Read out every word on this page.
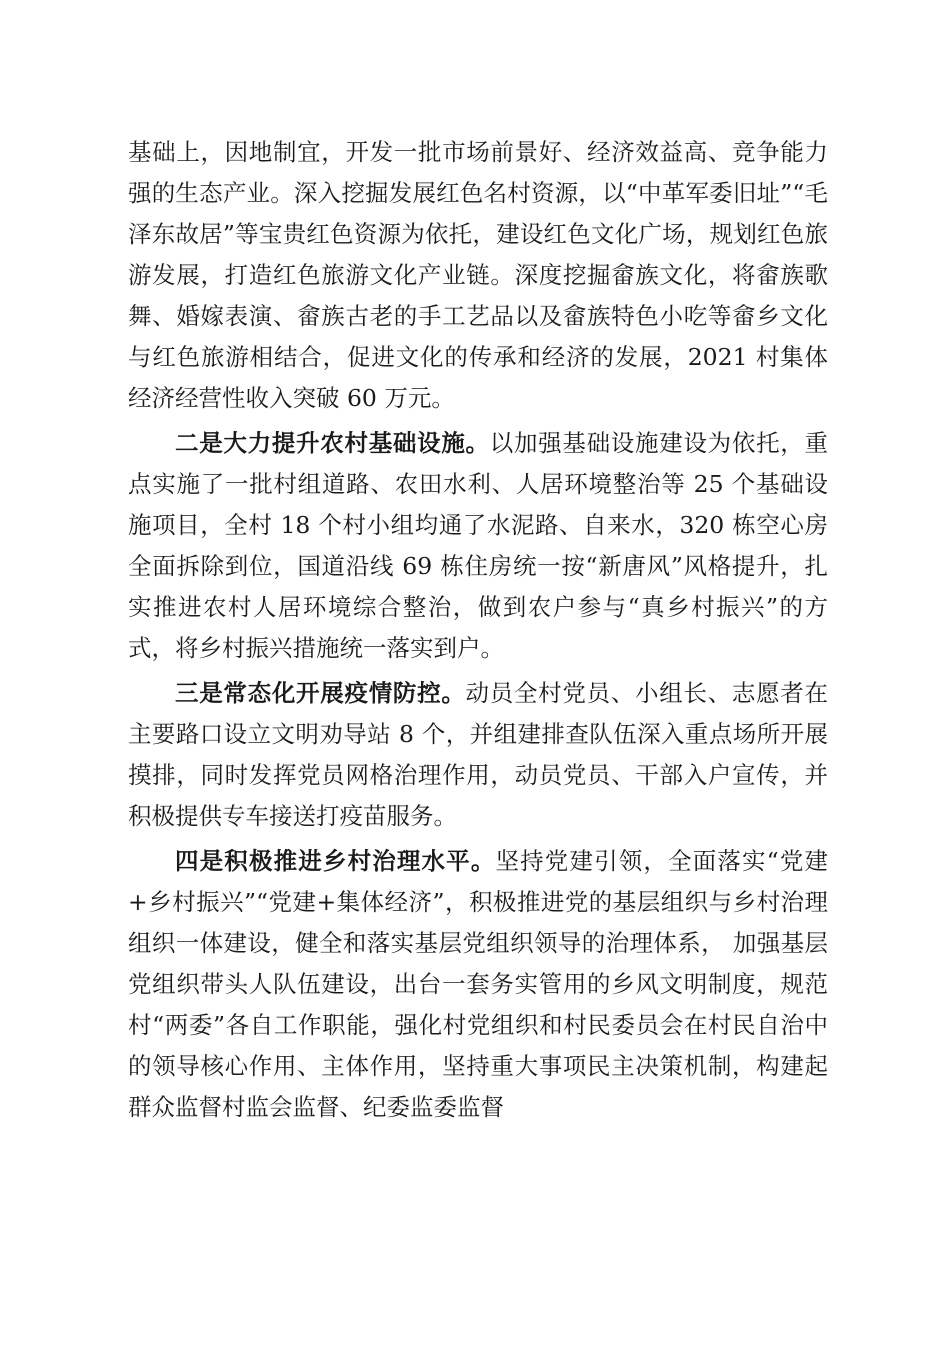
基础上，因地制宜，开发一批市场前景好、经济效益高、竞争能力强的生态产业。深入挖掘发展红色名村资源，以“中革军委旧址”“毛泽东故居”等宝贵红色资源为依托，建设红色文化广场，规划红色旅游发展，打造红色旅游文化产业链。深度挖掘畲族文化，将畲族歌舞、婚嫁表演、畲族古老的手工艺品以及畲族特色小吃等畲乡文化与红色旅游相结合，促进文化的传承和经济的发展，2021 村集体经济经营性收入突破 60 万元。

二是大力提升农村基础设施。以加强基础设施建设为依托，重点实施了一批村组道路、农田水利、人居环境整治等 25 个基础设施项目，全村 18 个村小组均通了水泥路、自来水，320 栋空心房全面拆除到位，国道沿线 69 栋住房统一按“新唐风”风格提升，扎实推进农村人居环境综合整治，做到农户参与“真乡村振兴”的方式，将乡村振兴措施统一落实到户。

三是常态化开展疫情防控。动员全村党员、小组长、志愿者在主要路口设立文明劝导站 8 个，并组建排查队伍深入重点场所开展摸排，同时发挥党员网格治理作用，动员党员、干部入户宣传，并积极提供专车接送打疫苗服务。

四是积极推进乡村治理水平。坚持党建引领，全面落实“党建+乡村振兴”“党建+集体经济”，积极推进党的基层组织与乡村治理组织一体建设，健全和落实基层党组织领导的治理体系， 加强基层党组织带头人队伍建设，出台一套务实管用的乡风文明制度，规范村“两委”各自工作职能，强化村党组织和村民委员会在村民自治中的领导核心作用、主体作用，坚持重大事项民主决策机制，构建起群众监督村监会监督、纪委监委监督
